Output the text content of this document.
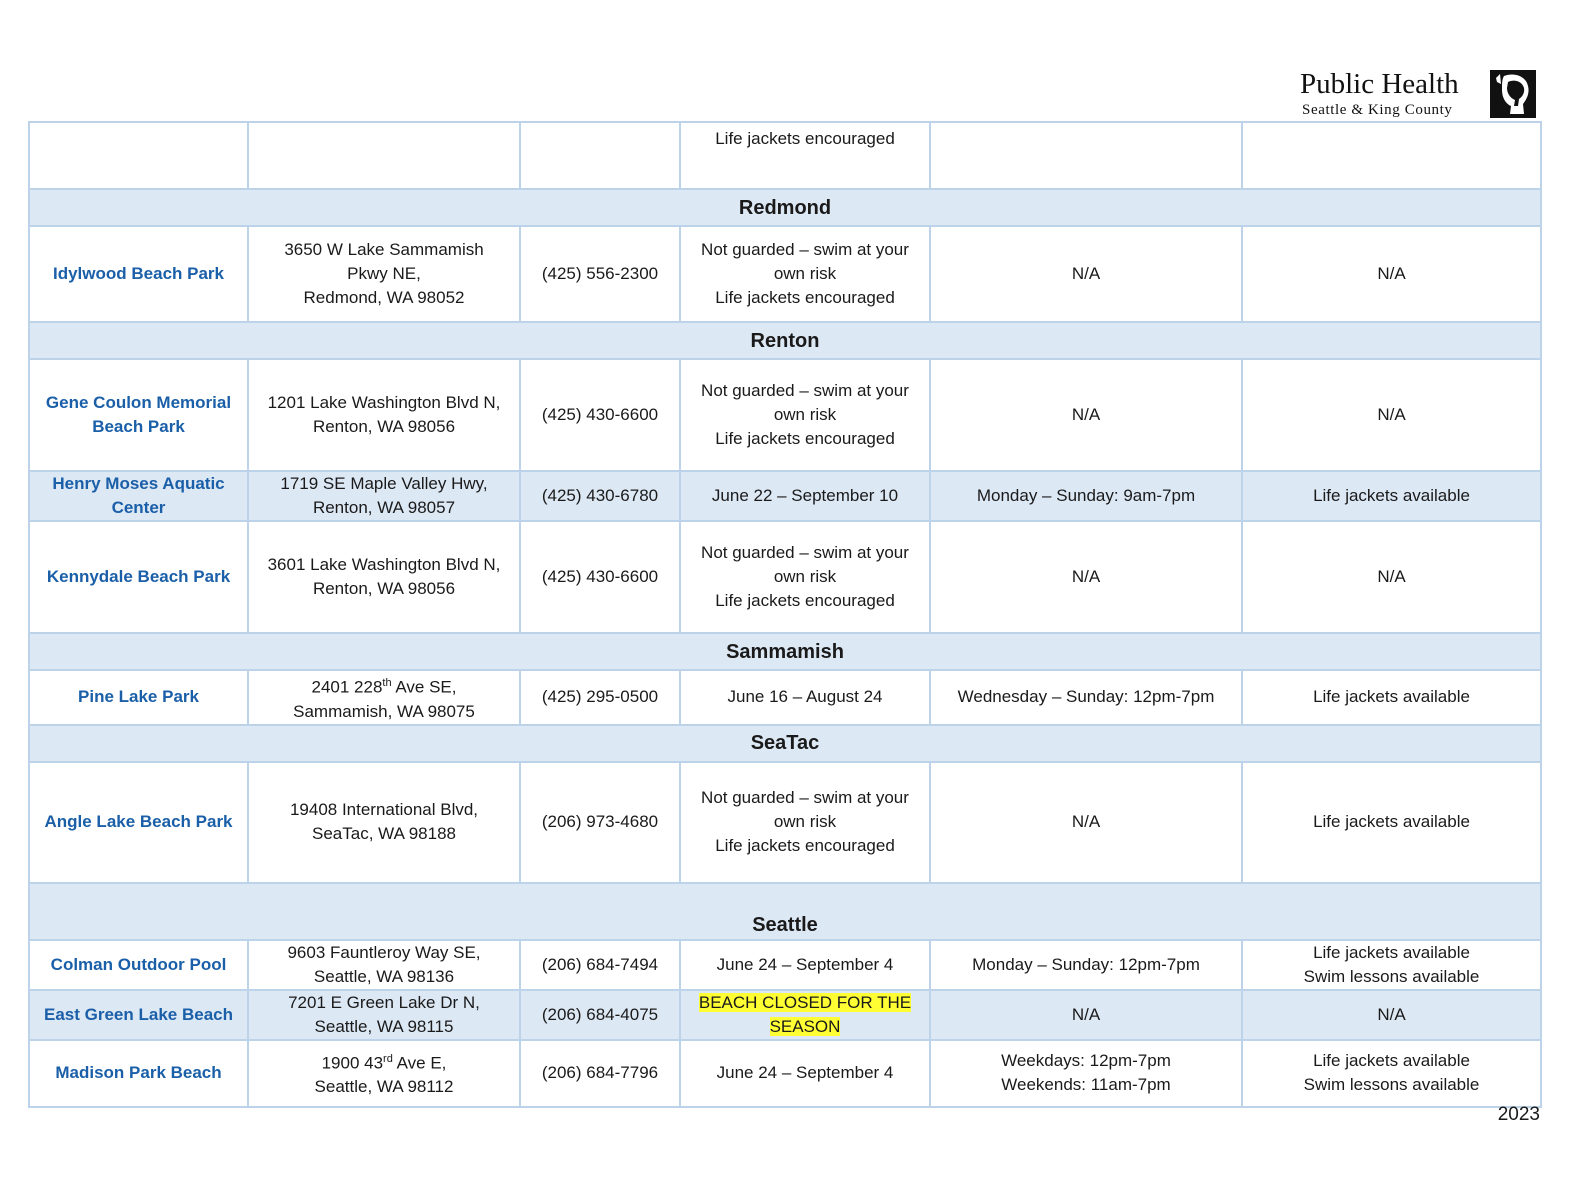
Public Health
Seattle & King County
			Life jackets encouraged		
Redmond					
Idylwood Beach Park	3650 W Lake Sammamish
Pkwy NE,
Redmond, WA 98052	(425) 556-2300	Not guarded – swim at your
own risk
Life jackets encouraged	N/A	N/A
Renton					
Gene Coulon Memorial Beach Park	1201 Lake Washington Blvd N,
Renton, WA 98056	(425) 430-6600	Not guarded – swim at your
own risk
Life jackets encouraged	N/A	N/A
Henry Moses Aquatic Center	1719 SE Maple Valley Hwy,
Renton, WA 98057	(425) 430-6780	June 22 – September 10	Monday – Sunday: 9am-7pm	Life jackets available
Kennydale Beach Park	3601 Lake Washington Blvd N,
Renton, WA 98056	(425) 430-6600	Not guarded – swim at your
own risk
Life jackets encouraged	N/A	N/A
Sammamish					
Pine Lake Park	2401 228th Ave SE,
Sammamish, WA 98075	(425) 295-0500	June 16 – August 24	Wednesday – Sunday: 12pm-7pm	Life jackets available
SeaTac					
Angle Lake Beach Park	19408 International Blvd,
SeaTac, WA 98188	(206) 973-4680	Not guarded – swim at your
own risk
Life jackets encouraged	N/A	Life jackets available
Seattle					
Colman Outdoor Pool	9603 Fauntleroy Way SE,
Seattle, WA 98136	(206) 684-7494	June 24 – September 4	Monday – Sunday: 12pm-7pm	Life jackets available
Swim lessons available

East Green Lake Beach	7201 E Green Lake Dr N,
Seattle, WA 98115	(206) 684-4075	BEACH CLOSED FOR THE
SEASON	N/A	N/A
Madison Park Beach	1900 43rd Ave E,
Seattle, WA 98112	(206) 684-7796	June 24 – September 4	Weekdays: 12pm-7pm
Weekends: 11am-7pm	Life jackets available
Swim lessons available
2023
